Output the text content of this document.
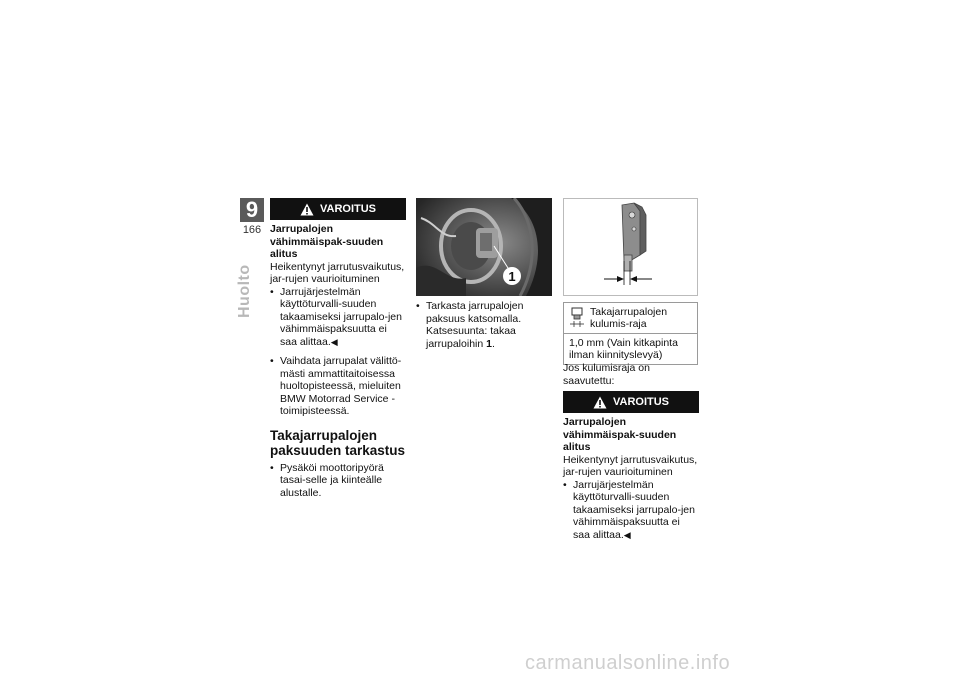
9
166
Huolto
VAROITUS
Jarrupalojen vähimmäispak-suuden alitus
Heikentynyt jarrutusvaikutus, jar-rujen vaurioituminen
• Jarrujärjestelmän käyttöturvalli-suuden takaamiseksi jarrupalo-jen vähimmäispaksuutta ei saa alittaa.◀
• Vaihdata jarrupalat välittö-mästi ammattitaitoisessa huoltopisteessä, mieluiten BMW Motorrad Service -toimipisteessä.
Takajarrupalojen paksuuden tarkastus
• Pysäköi moottoripyörä tasai-selle ja kiinteälle alustalle.
1
• Tarkasta jarrupalojen paksuus katsomalla. Katsesuunta: takaa jarrupaloihin 1.
Takajarrupalojen kulumis-raja

1,0 mm (Vain kitkapinta ilman kiinnityslevyä)
Jos kulumisraja on saavutettu:
VAROITUS
Jarrupalojen vähimmäispak-suuden alitus
Heikentynyt jarrutusvaikutus, jar-rujen vaurioituminen
• Jarrujärjestelmän käyttöturvalli-suuden takaamiseksi jarrupalo-jen vähimmäispaksuutta ei saa alittaa.◀
carmanualsonline.info
